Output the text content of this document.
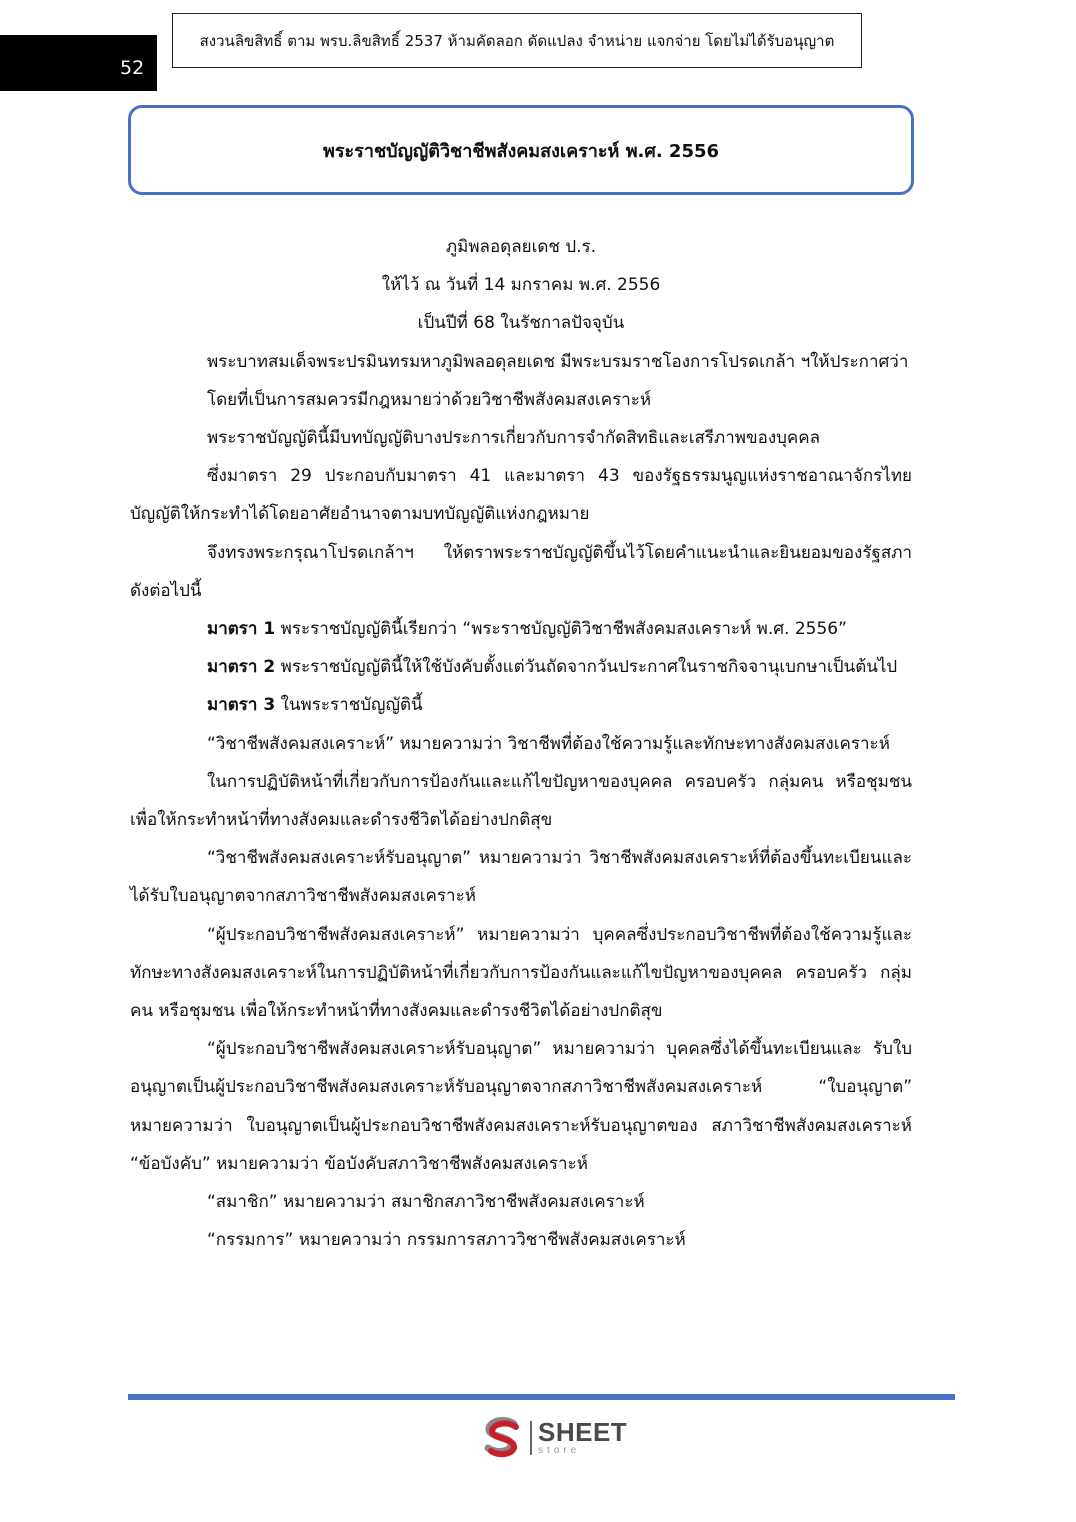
52
สงวนลิขสิทธิ์ ตาม พรบ.ลิขสิทธิ์ 2537 ห้ามคัดลอก ดัดแปลง จำหน่าย แจกจ่าย โดยไม่ได้รับอนุญาต
พระราชบัญญัติวิชาชีพสังคมสงเคราะห์ พ.ศ. 2556

ภูมิพลอดุลยเดช ป.ร.

ให้ไว้ ณ วันที่ 14 มกราคม พ.ศ. 2556

เป็นปีที่ 68 ในรัชกาลปัจจุบัน

พระบาทสมเด็จพระปรมินทรมหาภูมิพลอดุลยเดช มีพระบรมราชโองการโปรดเกล้า ฯให้ประกาศว่า

โดยที่เป็นการสมควรมีกฎหมายว่าด้วยวิชาชีพสังคมสงเคราะห์

พระราชบัญญัตินี้มีบทบัญญัติบางประการเกี่ยวกับการจำกัดสิทธิและเสรีภาพของบุคคล

ซึ่งมาตรา 29 ประกอบกับมาตรา 41 และมาตรา 43 ของรัฐธรรมนูญแห่งราชอาณาจักรไทย บัญญัติให้กระทำได้โดยอาศัยอำนาจตามบทบัญญัติแห่งกฎหมาย

จึงทรงพระกรุณาโปรดเกล้าฯ ให้ตราพระราชบัญญัติขึ้นไว้โดยคำแนะนำและยินยอมของรัฐสภา ดังต่อไปนี้

มาตรา 1 พระราชบัญญัตินี้เรียกว่า “พระราชบัญญัติวิชาชีพสังคมสงเคราะห์ พ.ศ. 2556”

มาตรา 2 พระราชบัญญัตินี้ให้ใช้บังคับตั้งแต่วันถัดจากวันประกาศในราชกิจจานุเบกษาเป็นต้นไป

มาตรา 3 ในพระราชบัญญัตินี้

“วิชาชีพสังคมสงเคราะห์” หมายความว่า วิชาชีพที่ต้องใช้ความรู้และทักษะทางสังคมสงเคราะห์

ในการปฏิบัติหน้าที่เกี่ยวกับการป้องกันและแก้ไขปัญหาของบุคคล ครอบครัว กลุ่มคน หรือชุมชนเพื่อให้กระทำหน้าที่ทางสังคมและดำรงชีวิตได้อย่างปกติสุข

“วิชาชีพสังคมสงเคราะห์รับอนุญาต” หมายความว่า วิชาชีพสังคมสงเคราะห์ที่ต้องขึ้นทะเบียนและได้รับใบอนุญาตจากสภาวิชาชีพสังคมสงเคราะห์

“ผู้ประกอบวิชาชีพสังคมสงเคราะห์” หมายความว่า บุคคลซึ่งประกอบวิชาชีพที่ต้องใช้ความรู้และทักษะทางสังคมสงเคราะห์ในการปฏิบัติหน้าที่เกี่ยวกับการป้องกันและแก้ไขปัญหาของบุคคล ครอบครัว กลุ่มคน หรือชุมชน เพื่อให้กระทำหน้าที่ทางสังคมและดำรงชีวิตได้อย่างปกติสุข

“ผู้ประกอบวิชาชีพสังคมสงเคราะห์รับอนุญาต” หมายความว่า บุคคลซึ่งได้ขึ้นทะเบียนและ รับใบอนุญาตเป็นผู้ประกอบวิชาชีพสังคมสงเคราะห์รับอนุญาตจากสภาวิชาชีพสังคมสงเคราะห์ “ใบอนุญาต” หมายความว่า ใบอนุญาตเป็นผู้ประกอบวิชาชีพสังคมสงเคราะห์รับอนุญาตของ สภาวิชาชีพสังคมสงเคราะห์ “ข้อบังคับ” หมายความว่า ข้อบังคับสภาวิชาชีพสังคมสงเคราะห์

“สมาชิก” หมายความว่า สมาชิกสภาวิชาชีพสังคมสงเคราะห์

“กรรมการ” หมายความว่า กรรมการสภาววิชาชีพสังคมสงเคราะห์

SHEET
store
